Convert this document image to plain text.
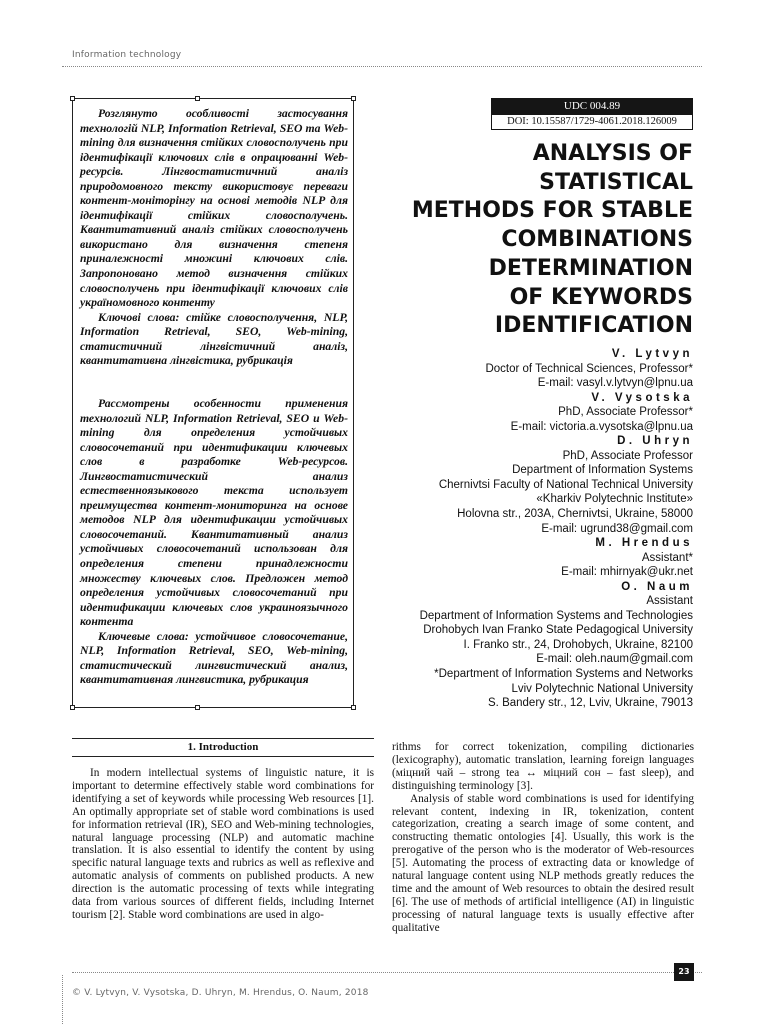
Information technology

Розглянуто особливості застосування технологій NLP, Information Retrieval, SEO та Web-mining для визначення стійких словосполучень при ідентифікації ключових слів в опрацюванні Web-ресурсів. Лінгвостатистичний аналіз природомовного тексту використовує переваги контент-моніторінгу на основі методів NLP для ідентифікації стійких словосполучень. Квантитативний аналіз стійких словосполучень використано для визначення степеня приналежності множині ключових слів. Запропоновано метод визначення стійких словосполучень при ідентифікації ключових слів україномовного контенту

Ключові слова: стійке словосполучення, NLP, Information Retrieval, SEO, Web-mining, статистичний лінгвістичний аналіз, квантитативна лінгвістика, рубрикація

Рассмотрены особенности применения технологий NLP, Information Retrieval, SEO и Web-mining для определения устойчивых словосочетаний при идентификации ключевых слов в разработке Web-ресурсов. Лингвостатистический анализ естественноязыкового текста использует преимущества контент-мониторинга на основе методов NLP для идентификации устойчивых словосочетаний. Квантитативный анализ устойчивых словосочетаний использован для определения степени принадлежности множеству ключевых слов. Предложен метод определения устойчивых словосочетаний при идентификации ключевых слов украиноязычного контента

Ключевые слова: устойчивое словосочетание, NLP, Information Retrieval, SEO, Web-mining, статистический лингвистический анализ, квантитативная лингвистика, рубрикация

UDC 004.89
DOI: 10.15587/1729-4061.2018.126009
ANALYSIS OF
STATISTICAL
METHODS FOR STABLE
COMBINATIONS
DETERMINATION
OF KEYWORDS
IDENTIFICATION
V. Lytvyn
Doctor of Technical Sciences, Professor*
E-mail: vasyl.v.lytvyn@lpnu.ua
V. Vysotska
PhD, Associate Professor*
E-mail: victoria.a.vysotska@lpnu.ua
D. Uhryn
PhD, Associate Professor
Department of Information Systems
Chernivtsi Faculty of National Technical University
«Kharkiv Polytechnic Institute»
Holovna str., 203A, Chernivtsi, Ukraine, 58000
E-mail: ugrund38@gmail.com
M. Hrendus
Assistant*
E-mail: mhirnyak@ukr.net
O. Naum
Assistant
Department of Information Systems and Technologies
Drohobych Ivan Franko State Pedagogical University
I. Franko str., 24, Drohobych, Ukraine, 82100
E-mail: oleh.naum@gmail.com
*Department of Information Systems and Networks
Lviv Polytechnic National University
S. Bandery str., 12, Lviv, Ukraine, 79013
1. Introduction

In modern intellectual systems of linguistic nature, it is important to determine effectively stable word combinations for identifying a set of keywords while processing Web resources [1]. An optimally appropriate set of stable word combinations is used for information retrieval (IR), SEO and Web-mining technologies, natural language processing (NLP) and automatic machine translation. It is also essential to identify the content by using specific natural language texts and rubrics as well as reflexive and automatic analysis of comments on published products. A new direction is the automatic processing of texts while integrating data from various sources of different fields, including Internet tourism [2]. Stable word combinations are used in algo-

rithms for correct tokenization, compiling dictionaries (lexicography), automatic translation, learning foreign languages (міцний чай – strong tea ↔ міцний сон – fast sleep), and distinguishing terminology [3].

Analysis of stable word combinations is used for identifying relevant content, indexing in IR, tokenization, content categorization, creating a search image of some content, and constructing thematic ontologies [4]. Usually, this work is the prerogative of the person who is the moderator of Web-resources [5]. Automating the process of extracting data or knowledge of natural language content using NLP methods greatly reduces the time and the amount of Web resources to obtain the desired result [6]. The use of methods of artificial intelligence (AI) in linguistic processing of natural language texts is usually effective after qualitative

23
© V. Lytvyn, V. Vysotska, D. Uhryn, M. Hrendus, O. Naum, 2018
